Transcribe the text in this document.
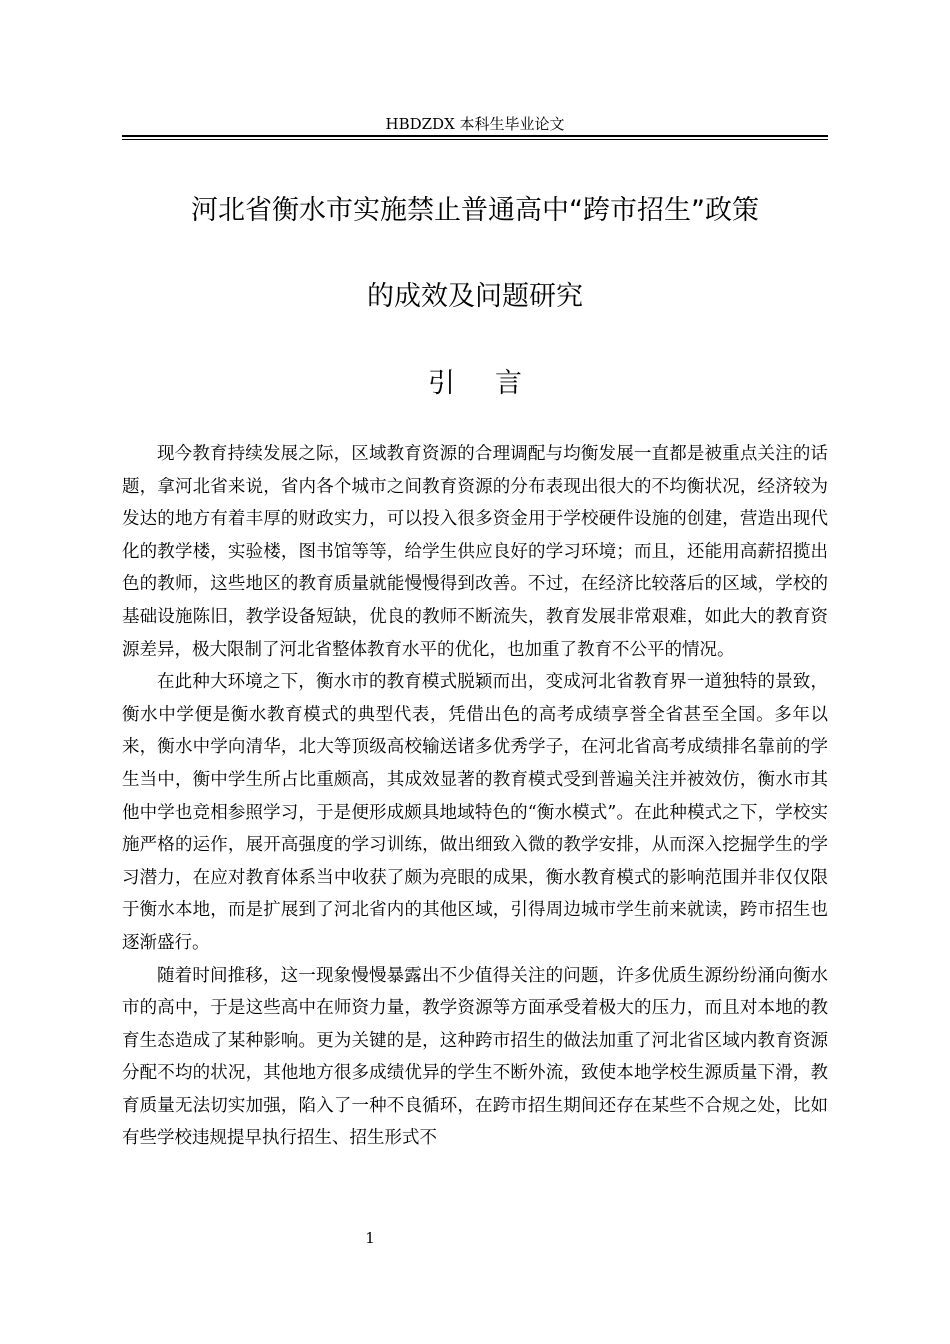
HBDZDX 本科生毕业论文
河北省衡水市实施禁止普通高中“跨市招生”政策
的成效及问题研究
引言

现今教育持续发展之际，区域教育资源的合理调配与均衡发展一直都是被重点关注的话题，拿河北省来说，省内各个城市之间教育资源的分布表现出很大的不均衡状况，经济较为发达的地方有着丰厚的财政实力，可以投入很多资金用于学校硬件设施的创建，营造出现代化的教学楼，实验楼，图书馆等等，给学生供应良好的学习环境；而且，还能用高薪招揽出色的教师，这些地区的教育质量就能慢慢得到改善。不过，在经济比较落后的区域，学校的基础设施陈旧，教学设备短缺，优良的教师不断流失，教育发展非常艰难，如此大的教育资源差异，极大限制了河北省整体教育水平的优化，也加重了教育不公平的情况。

在此种大环境之下，衡水市的教育模式脱颖而出，变成河北省教育界一道独特的景致，衡水中学便是衡水教育模式的典型代表，凭借出色的高考成绩享誉全省甚至全国。多年以来，衡水中学向清华，北大等顶级高校输送诸多优秀学子，在河北省高考成绩排名靠前的学生当中，衡中学生所占比重颇高，其成效显著的教育模式受到普遍关注并被效仿，衡水市其他中学也竞相参照学习，于是便形成颇具地域特色的“衡水模式”。在此种模式之下，学校实施严格的运作，展开高强度的学习训练，做出细致入微的教学安排，从而深入挖掘学生的学习潜力，在应对教育体系当中收获了颇为亮眼的成果，衡水教育模式的影响范围并非仅仅限于衡水本地，而是扩展到了河北省内的其他区域，引得周边城市学生前来就读，跨市招生也逐渐盛行。

随着时间推移，这一现象慢慢暴露出不少值得关注的问题，许多优质生源纷纷涌向衡水市的高中，于是这些高中在师资力量，教学资源等方面承受着极大的压力，而且对本地的教育生态造成了某种影响。更为关键的是，这种跨市招生的做法加重了河北省区域内教育资源分配不均的状况，其他地方很多成绩优异的学生不断外流，致使本地学校生源质量下滑，教育质量无法切实加强，陷入了一种不良循环，在跨市招生期间还存在某些不合规之处，比如有些学校违规提早执行招生、招生形式不

1
